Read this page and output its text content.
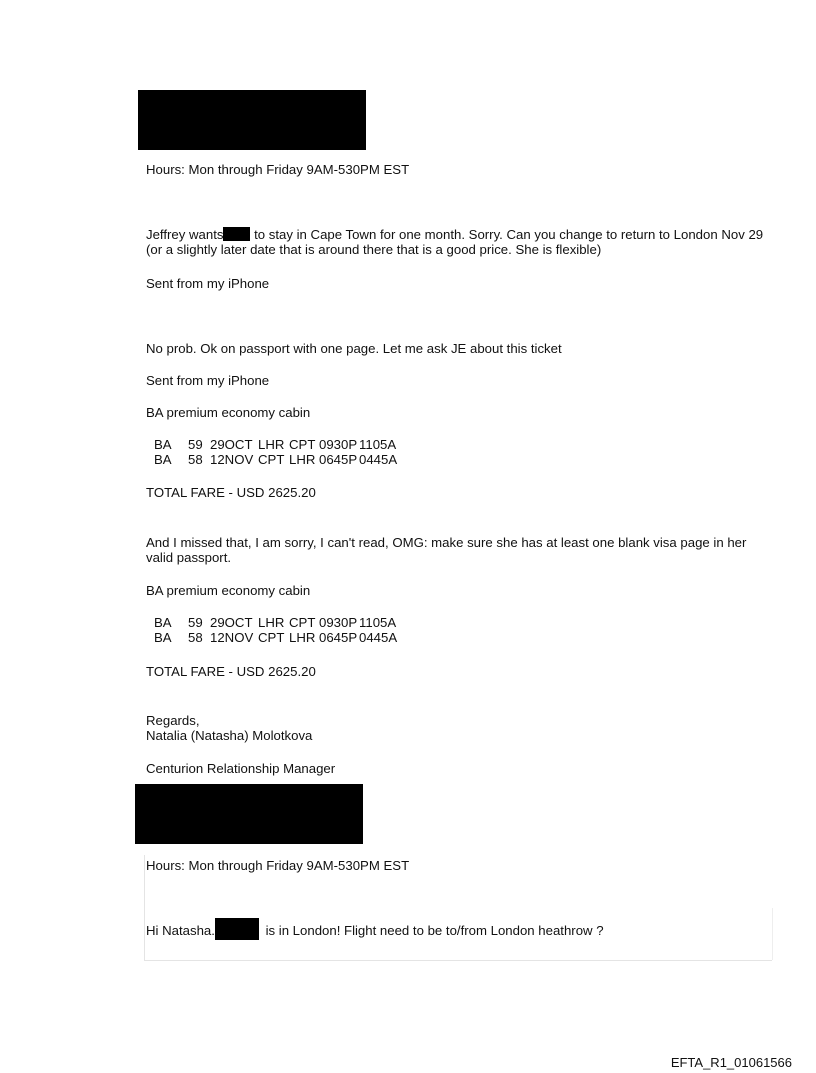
Hours: Mon through Friday 9AM-530PM EST
Jeffrey wants to stay in Cape Town for one month. Sorry. Can you change to return to London Nov 29 (or a slightly later date that is around there that is a good price. She is flexible)
Sent from my iPhone
No prob. Ok on passport with one page. Let me ask JE about this ticket
Sent from my iPhone
BA premium economy cabin
BA 59 29OCT LHR CPT 0930P 1105A
BA 58 12NOV CPT LHR 0645P 0445A
TOTAL FARE - USD 2625.20
And I missed that, I am sorry, I can't read, OMG: make sure she has at least one blank visa page in her valid passport.
BA premium economy cabin
BA 59 29OCT LHR CPT 0930P 1105A
BA 58 12NOV CPT LHR 0645P 0445A
TOTAL FARE - USD 2625.20
Regards,
Natalia (Natasha) Molotkova
Centurion Relationship Manager
Hours: Mon through Friday 9AM-530PM EST
Hi Natasha.	is in London! Flight need to be to/from London heathrow ?
EFTA_R1_01061566
